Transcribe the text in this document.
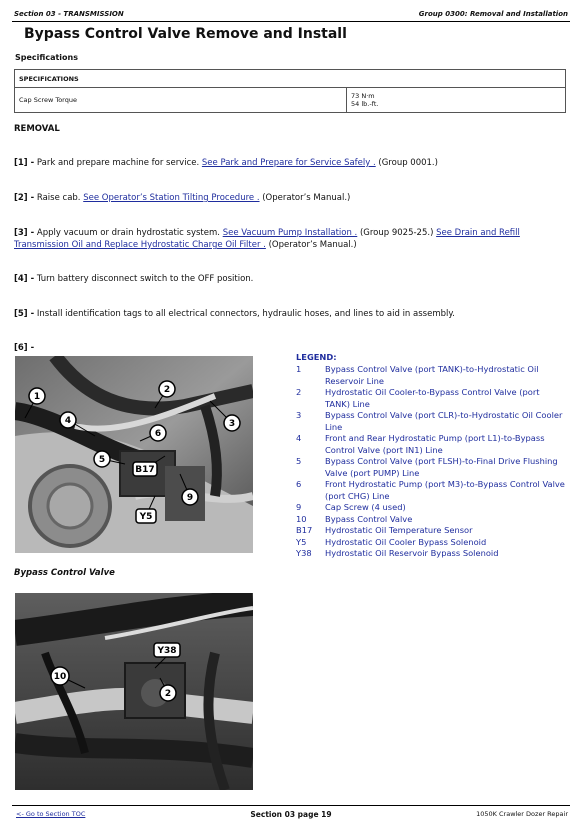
Section 03 - TRANSMISSION	Group 0300: Removal and Installation
Bypass Control Valve Remove and Install
Specifications
SPECIFICATIONS
Cap Screw Torque	73 N·m
54 lb.-ft.
REMOVAL
[1] - Park and prepare machine for service. See Park and Prepare for Service Safely . (Group 0001.)
[2] - Raise cab. See Operator’s Station Tilting Procedure . (Operator’s Manual.)
[3] - Apply vacuum or drain hydrostatic system. See Vacuum Pump Installation . (Group 9025-25.) See Drain and Refill Transmission Oil and Replace Hydrostatic Charge Oil Filter . (Operator’s Manual.)
[4] - Turn battery disconnect switch to the OFF position.
[5] - Install identification tags to all electrical connectors, hydraulic hoses, and lines to aid in assembly.
[6] -
1
2
3
4
5
6
9
B17
Y5
Bypass Control Valve
10
2
Y38
LEGEND:
1	Bypass Control Valve (port TANK)-to-Hydrostatic Oil Reservoir Line
2	Hydrostatic Oil Cooler-to-Bypass Control Valve (port TANK) Line
3	Bypass Control Valve (port CLR)-to-Hydrostatic Oil Cooler Line
4	Front and Rear Hydrostatic Pump (port L1)-to-Bypass Control Valve (port IN1) Line
5	Bypass Control Valve (port FLSH)-to-Final Drive Flushing Valve (port PUMP) Line
6	Front Hydrostatic Pump (port M3)-to-Bypass Control Valve (port CHG) Line
9	Cap Screw (4 used)
10	Bypass Control Valve
B17	Hydrostatic Oil Temperature Sensor
Y5	Hydrostatic Oil Cooler Bypass Solenoid
Y38	Hydrostatic Oil Reservoir Bypass Solenoid
Section 03 page 19
<- Go to Section TOC	1050K Crawler Dozer Repair
